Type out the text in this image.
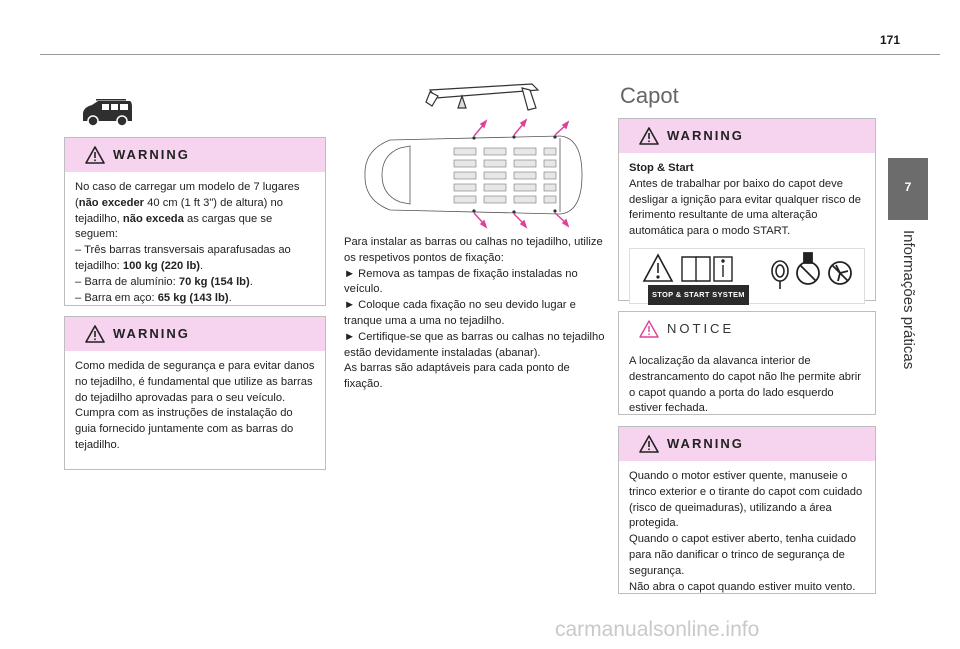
171
7
Informações práticas
WARNING

No caso de carregar um modelo de 7 lugares (não exceder 40 cm (1 ft 3") de altura) no tejadilho, não exceda as cargas que se seguem:

– Três barras transversais aparafusadas ao tejadilho: 100 kg (220 lb).

– Barra de alumínio: 70 kg (154 lb).

– Barra em aço: 65 kg (143 lb).

WARNING

Como medida de segurança e para evitar danos no tejadilho, é fundamental que utilize as barras do tejadilho aprovadas para o seu veículo.

Cumpra com as instruções de instalação do guia fornecido juntamente com as barras do tejadilho.

Para instalar as barras ou calhas no tejadilho, utilize os respetivos pontos de fixação:

► Remova as tampas de fixação instaladas no veículo.

► Coloque cada fixação no seu devido lugar e tranque uma a uma no tejadilho.

► Certifique-se que as barras ou calhas no tejadilho estão devidamente instaladas (abanar).

As barras são adaptáveis para cada ponto de fixação.

Capot
WARNING

Stop & Start

Antes de trabalhar por baixo do capot deve desligar a ignição para evitar qualquer risco de ferimento resultante de uma alteração automática para o modo START.

STOP & START SYSTEM
NOTICE

A localização da alavanca interior de destrancamento do capot não lhe permite abrir o capot quando a porta do lado esquerdo estiver fechada.

WARNING

Quando o motor estiver quente, manuseie o trinco exterior e o tirante do capot com cuidado (risco de queimaduras), utilizando a área protegida.

Quando o capot estiver aberto, tenha cuidado para não danificar o trinco de segurança de segurança.

Não abra o capot quando estiver muito vento.

carmanualsonline.info
